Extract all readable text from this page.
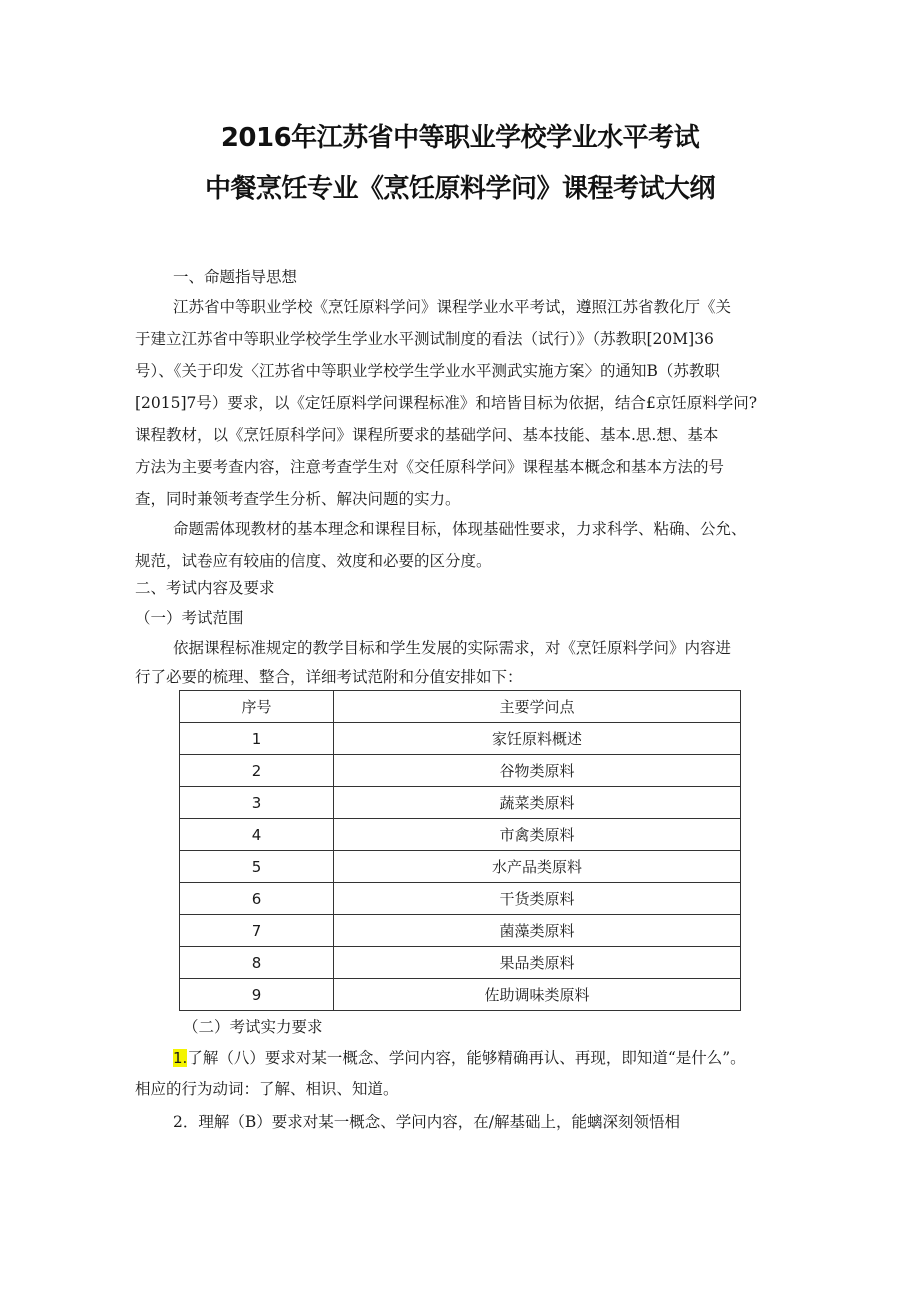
2016年江苏省中等职业学校学业水平考试
中餐烹饪专业《烹饪原料学问》课程考试大纲
一、命题指导思想
江苏省中等职业学校《烹饪原料学问》课程学业水平考试，遵照江苏省教化厅《关
于建立江苏省中等职业学校学生学业水平测试制度的看法（试行）》（苏教职[20M]36
号）、《关于印发〈江苏省中等职业学校学生学业水平测武实施方案〉的通知B（苏教职
[2015]7号）要求，以《定饪原料学问课程标准》和培皆目标为依据，结合£京饪原料学问?
课程教材，以《烹饪原科学问》课程所要求的基础学问、基本技能、基本.思.想、基本
方法为主要考查内容，注意考查学生对《交任原科学问》课程基本概念和基本方法的号
查，同时兼领考查学生分析、解决问题的实力。
命题需体现教材的基本理念和课程目标，体现基础性要求，力求科学、粘确、公允、
规范，试卷应有较庙的信度、效度和必要的区分度。
二、考试内容及要求
（一）考试范围
依据课程标准规定的教学目标和学生发展的实际需求，对《烹饪原料学问》内容进
行了必要的梳理、整合，详细考试范附和分值安排如下：
序号	主要学问点
1	家饪原料概述
2	谷物类原料
3	蔬菜类原料
4	市禽类原料
5	水产品类原料
6	干货类原料
7	菌藻类原料
8	果品类原料
9	佐助调味类原料
（二）考试实力要求
1.了解（八）要求对某一概念、学问内容，能够精确再认、再现，即知道“是什么”。
相应的行为动词：了解、相识、知道。
2．理解（B）要求对某一概念、学问内容，在/解基础上，能螭深刻领悟相
